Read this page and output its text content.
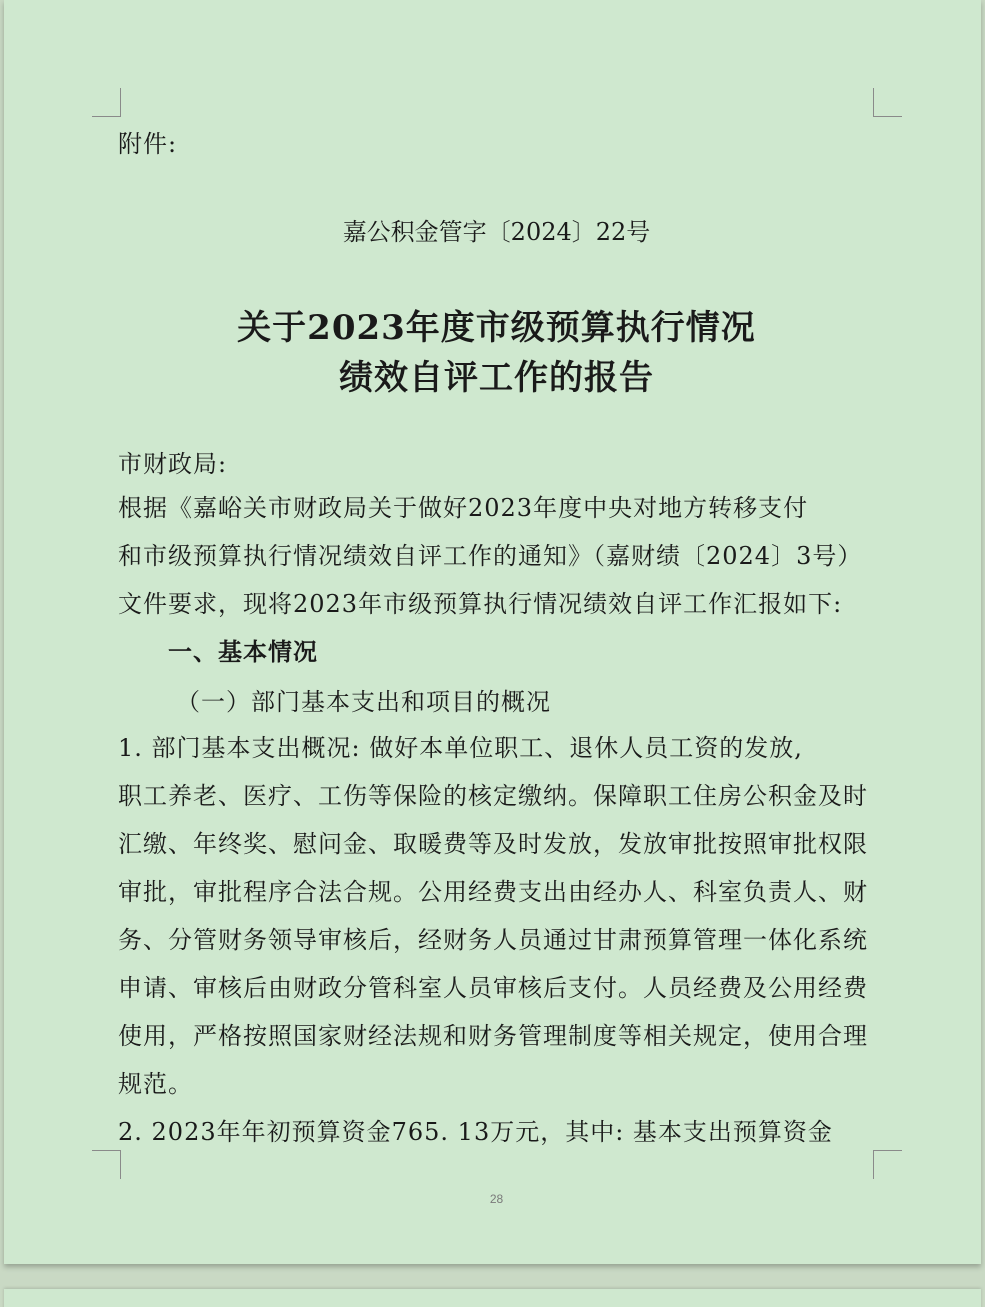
附件:
嘉公积金管字〔2024〕22号
关于2023年度市级预算执行情况
绩效自评工作的报告
市财政局:
根据《嘉峪关市财政局关于做好2023年度中央对地方转移支付
和市级预算执行情况绩效自评工作的通知》（嘉财绩〔2024〕3号）
文件要求，现将2023年市级预算执行情况绩效自评工作汇报如下:
一、基本情况
（一）部门基本支出和项目的概况
1. 部门基本支出概况: 做好本单位职工、退休人员工资的发放,
职工养老、医疗、工伤等保险的核定缴纳。保障职工住房公积金及时
汇缴、年终奖、慰问金、取暖费等及时发放，发放审批按照审批权限
审批，审批程序合法合规。公用经费支出由经办人、科室负责人、财
务、分管财务领导审核后，经财务人员通过甘肃预算管理一体化系统
申请、审核后由财政分管科室人员审核后支付。人员经费及公用经费
使用，严格按照国家财经法规和财务管理制度等相关规定，使用合理
规范。
2. 2023年年初预算资金765. 13万元，其中: 基本支出预算资金
28
